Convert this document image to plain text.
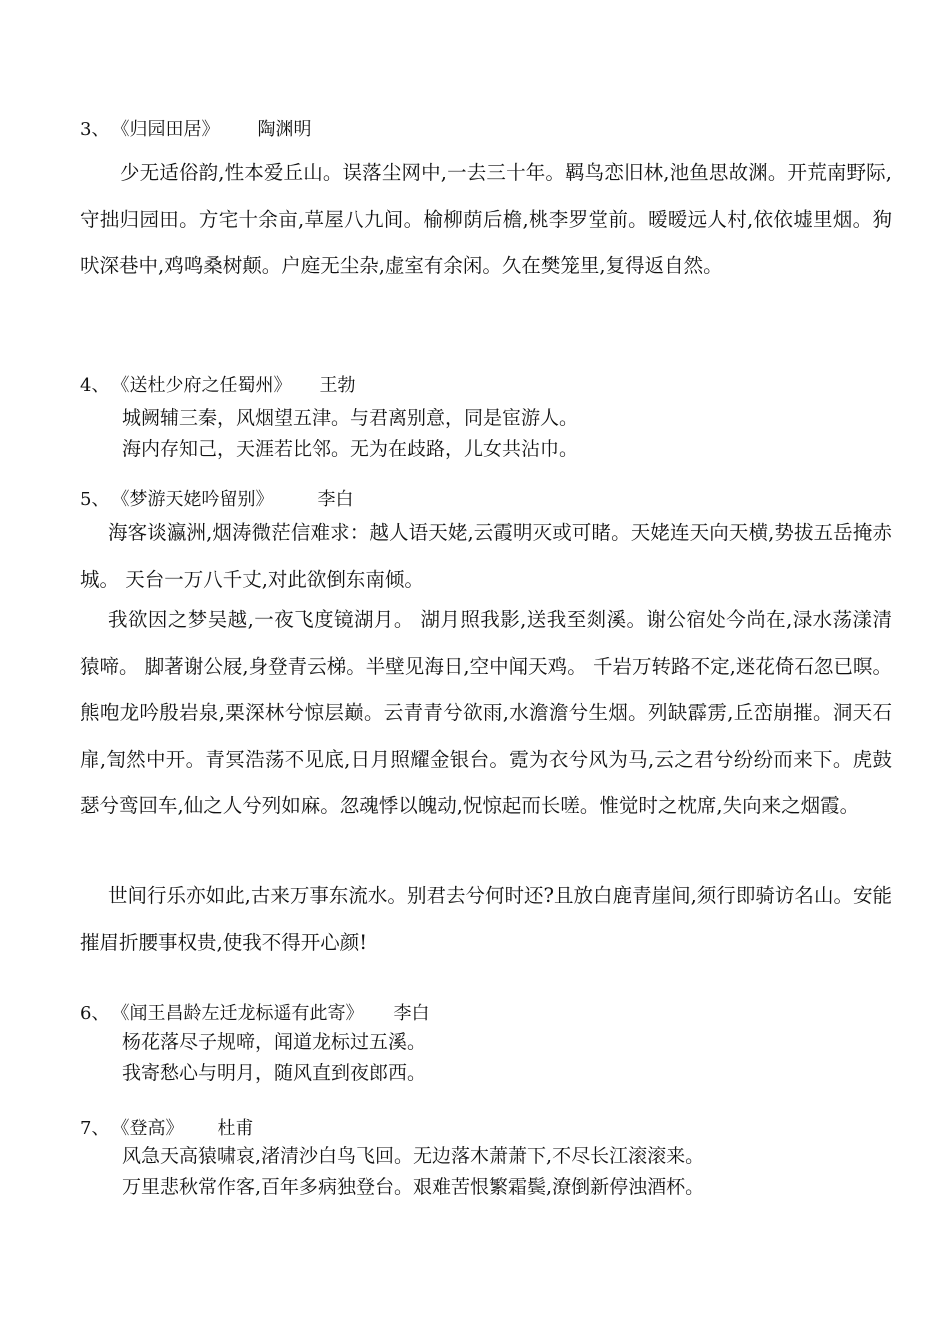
3、 《归园田居》 陶渊明

少无适俗韵,性本爱丘山。误落尘网中,一去三十年。羁鸟恋旧林,池鱼思故渊。开荒南野际,守拙归园田。方宅十余亩,草屋八九间。榆柳荫后檐,桃李罗堂前。暧暧远人村,依依墟里烟。狗吠深巷中,鸡鸣桑树颠。户庭无尘杂,虚室有余闲。久在樊笼里,复得返自然。

4、 《送杜少府之任蜀州》 王勃
城阙辅三秦，风烟望五津。与君离别意，同是宦游人。
海内存知己，天涯若比邻。无为在歧路，儿女共沾巾。
5、 《梦游天姥吟留别》 李白

海客谈瀛洲,烟涛微茫信难求：越人语天姥,云霞明灭或可睹。天姥连天向天横,势拔五岳掩赤城。 天台一万八千丈,对此欲倒东南倾。

我欲因之梦吴越,一夜飞度镜湖月。 湖月照我影,送我至剡溪。谢公宿处今尚在,渌水荡漾清猿啼。 脚著谢公屐,身登青云梯。半壁见海日,空中闻天鸡。 千岩万转路不定,迷花倚石忽已暝。熊咆龙吟殷岩泉,栗深林兮惊层巅。云青青兮欲雨,水澹澹兮生烟。列缺霹雳,丘峦崩摧。洞天石扉,訇然中开。青冥浩荡不见底,日月照耀金银台。霓为衣兮风为马,云之君兮纷纷而来下。虎鼓瑟兮鸾回车,仙之人兮列如麻。忽魂悸以魄动,怳惊起而长嗟。惟觉时之枕席,失向来之烟霞。

世间行乐亦如此,古来万事东流水。别君去兮何时还?且放白鹿青崖间,须行即骑访名山。安能摧眉折腰事权贵,使我不得开心颜!

6、 《闻王昌龄左迁龙标遥有此寄》 李白
杨花落尽子规啼，闻道龙标过五溪。
我寄愁心与明月，随风直到夜郎西。
7、 《登高》 杜甫
风急天高猿啸哀,渚清沙白鸟飞回。无边落木萧萧下,不尽长江滚滚来。
万里悲秋常作客,百年多病独登台。艰难苦恨繁霜鬓,潦倒新停浊酒杯。
